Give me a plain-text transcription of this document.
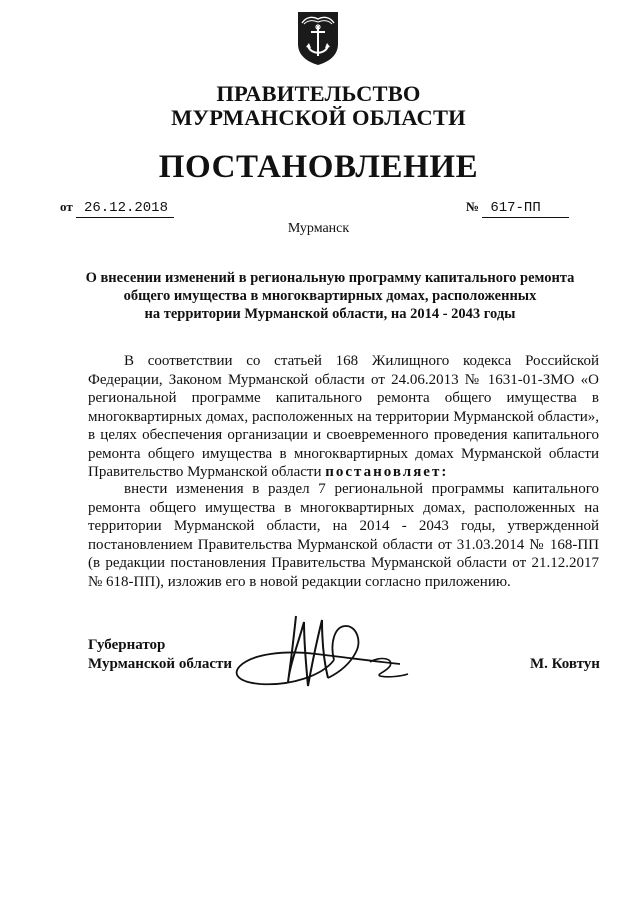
ПРАВИТЕЛЬСТВО
МУРМАНСКОЙ ОБЛАСТИ
ПОСТАНОВЛЕНИЕ
от 26.12.2018	№ 617-ПП
Мурманск
О внесении изменений в региональную программу капитального ремонта
общего имущества в многоквартирных домах, расположенных
на территории Мурманской области, на 2014 - 2043 годы
В соответствии со статьей 168 Жилищного кодекса Российской Федерации, Законом Мурманской области от 24.06.2013 № 1631-01-ЗМО «О региональной программе капитального ремонта общего имущества в многоквартирных домах, расположенных на территории Мурманской области», в целях обеспечения организации и своевременного проведения капитального ремонта общего имущества в многоквартирных домах Мурманской области Правительство Мурманской области постановляет:
внести изменения в раздел 7 региональной программы капитального ремонта общего имущества в многоквартирных домах, расположенных на территории Мурманской области, на 2014 - 2043 годы, утвержденной постановлением Правительства Мурманской области от 31.03.2014 № 168-ПП (в редакции постановления Правительства Мурманской области от 21.12.2017 № 618-ПП), изложив его в новой редакции согласно приложению.
Губернатор
Мурманской области	М. Ковтун
